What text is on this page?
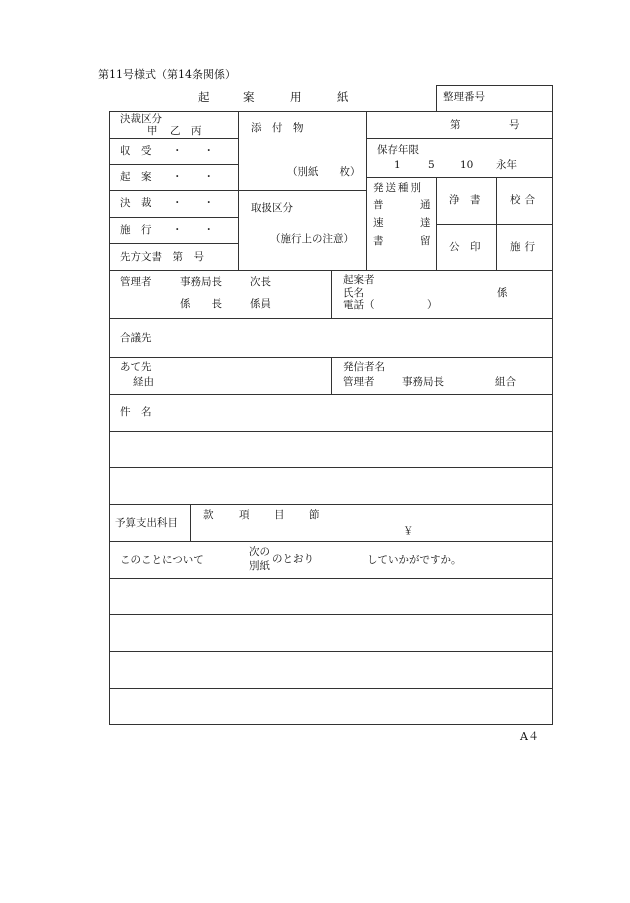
第11号様式（第14条関係）
起	案	用	紙	整理番号
決裁区分
甲 乙 丙
収　受 ・　　・
起　案 ・　　・
決　裁 ・　　・
施　行 ・　　・
先方文書　第　号
添　付　物
（別紙　　枚）
取扱区分
（施行上の注意）
第	号
保存年限
1	5 10 永年
発送種別
普	通
速	達
書	留
浄　書	校合
公　印	施行
管理者	事務局長	次長
係　　長	係員
起案者
氏名	係
電話（　　　　　）
合議先
あて先
経由
発信者名
管理者	事務局長	組合
件　名
予算支出科目
款 項 目 節
￥
このことについて
次の
別紙
のとおり	していかがですか。
A４
